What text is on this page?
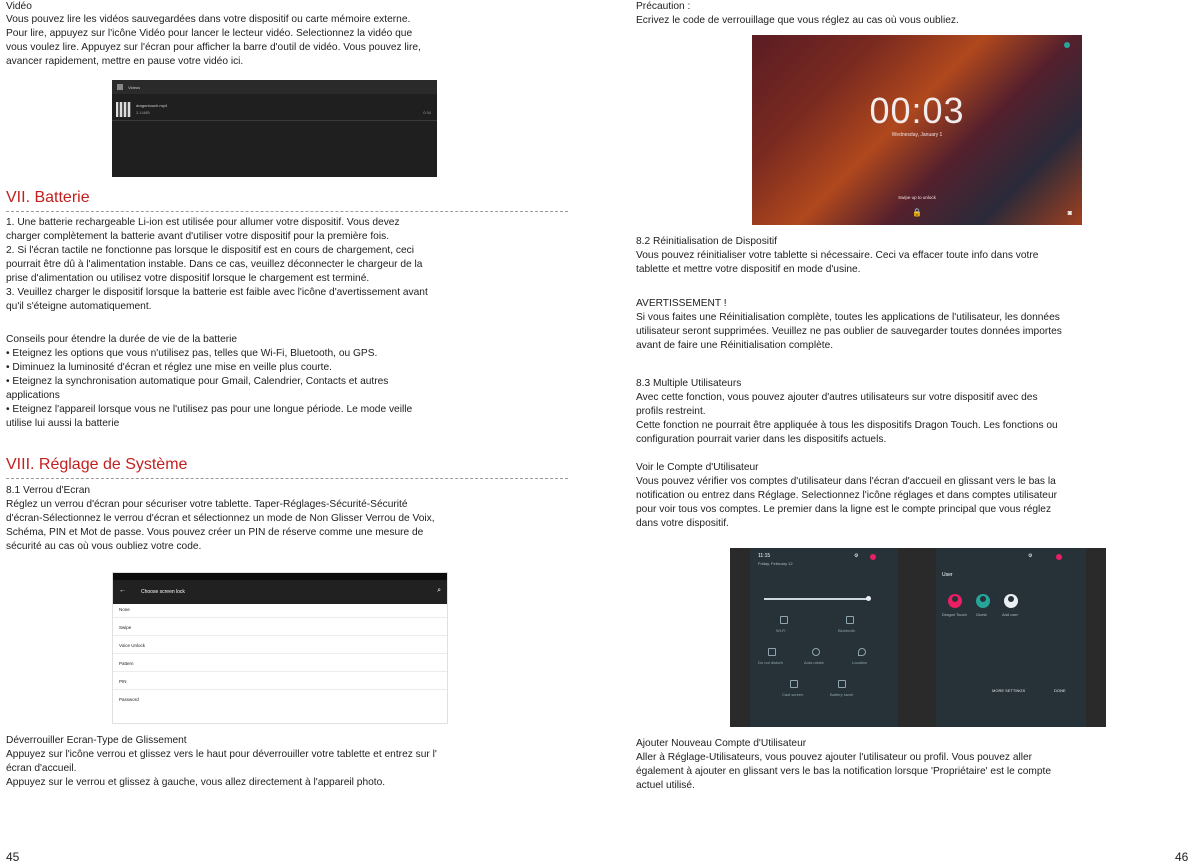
Vidéo

Vous pouvez lire les vidéos sauvegardées dans votre dispositif ou carte mémoire externe.

Pour lire, appuyez sur l'icône Vidéo pour lancer le lecteur vidéo. Selectionnez la vidéo que

vous voulez lire. Appuyez sur l'écran pour afficher la barre d'outil de vidéo. Vous pouvez lire,

avancer rapidement, mettre en pause votre vidéo ici.

Videos
dragontouch.mp4
3.14MB	0:34
VII. Batterie

1. Une batterie rechargeable Li-ion est utilisée pour allumer votre dispositif. Vous devez

charger complètement la batterie avant d'utiliser votre dispositif pour la première fois.

2. Si l'écran tactile ne fonctionne pas lorsque le dispositif est en cours de chargement, ceci

pourrait être dû à l'alimentation instable. Dans ce cas, veuillez déconnecter le chargeur de la

prise d'alimentation ou utilisez votre dispositif lorsque le chargement est terminé.

3. Veuillez charger le dispositif lorsque la batterie est faible avec l'icône d'avertissement avant

qu'il s'éteigne automatiquement.

Conseils pour étendre la durée de vie de la batterie

• Eteignez les options que vous n'utilisez pas, telles que Wi-Fi, Bluetooth, ou GPS.

• Diminuez la luminosité d'écran et réglez une mise en veille plus courte.

• Eteignez la synchronisation automatique pour Gmail, Calendrier, Contacts et autres

applications

• Eteignez l'appareil lorsque vous ne l'utilisez pas pour une longue période. Le mode veille

utilise lui aussi la batterie

VIII. Réglage de Système

8.1 Verrou d'Ecran

Réglez un verrou d'écran pour sécuriser votre tablette. Taper-Réglages-Sécurité-Sécurité

d'écran-Sélectionnez le verrou d'écran et sélectionnez un mode de Non Glisser Verrou de Voix,

Schéma, PIN et Mot de passe. Vous pouvez créer un PIN de réserve comme une mesure de

sécurité au cas où vous oubliez votre code.

←	Choose screen lock	⌕
None
Swipe
Voice Unlock
Pattern
PIN
Password

Déverrouiller Ecran-Type de Glissement

Appuyez sur l'icône verrou et glissez vers le haut pour déverrouiller votre tablette et entrez sur l'

écran d'accueil.

Appuyez sur le verrou et glissez à gauche, vous allez directement à l'appareil photo.

45

Précaution :

Ecrivez le code de verrouillage que vous réglez au cas où vous oubliez.

00:03
Wednesday, January 1
Swipe up to unlock
🔒	◙

8.2 Réinitialisation de Dispositif

Vous pouvez réinitialiser votre tablette si nécessaire. Ceci va effacer toute info dans votre

tablette et mettre votre dispositif en mode d'usine.

AVERTISSEMENT !

Si vous faites une Réinitialisation complète, toutes les applications de l'utilisateur, les données

utilisateur seront supprimées. Veuillez ne pas oublier de sauvegarder toutes données importes

avant de faire une Réinitialisation complète.

8.3 Multiple Utilisateurs

Avec cette fonction, vous pouvez ajouter d'autres utilisateurs sur votre dispositif avec des

profils restreint.

Cette fonction ne pourrait être appliquée à tous les dispositifs Dragon Touch. Les fonctions ou

configuration pourrait varier dans les dispositifs actuels.

Voir le Compte d'Utilisateur

Vous pouvez vérifier vos comptes d'utilisateur dans l'écran d'accueil en glissant vers le bas la

notification ou entrez dans Réglage. Selectionnez l'icône réglages et dans comptes utilisateur

pour voir tous vos comptes. Le premier dans la ligne est le compte principal que vous réglez

dans votre dispositif.

11:15
Friday, February 12
⚙
Wi-Fi	Bluetooth
Do not disturb	Auto-rotate	Location
Cast screen	Battery saver
⚙
User
Dragon Touch Guest	Add user
MORE SETTINGS	DONE

Ajouter Nouveau Compte d'Utilisateur

Aller à Réglage-Utilisateurs, vous pouvez ajouter l'utilisateur ou profil. Vous pouvez aller

également à ajouter en glissant vers le bas la notification lorsque 'Propriétaire' est le compte

actuel utilisé.

46
